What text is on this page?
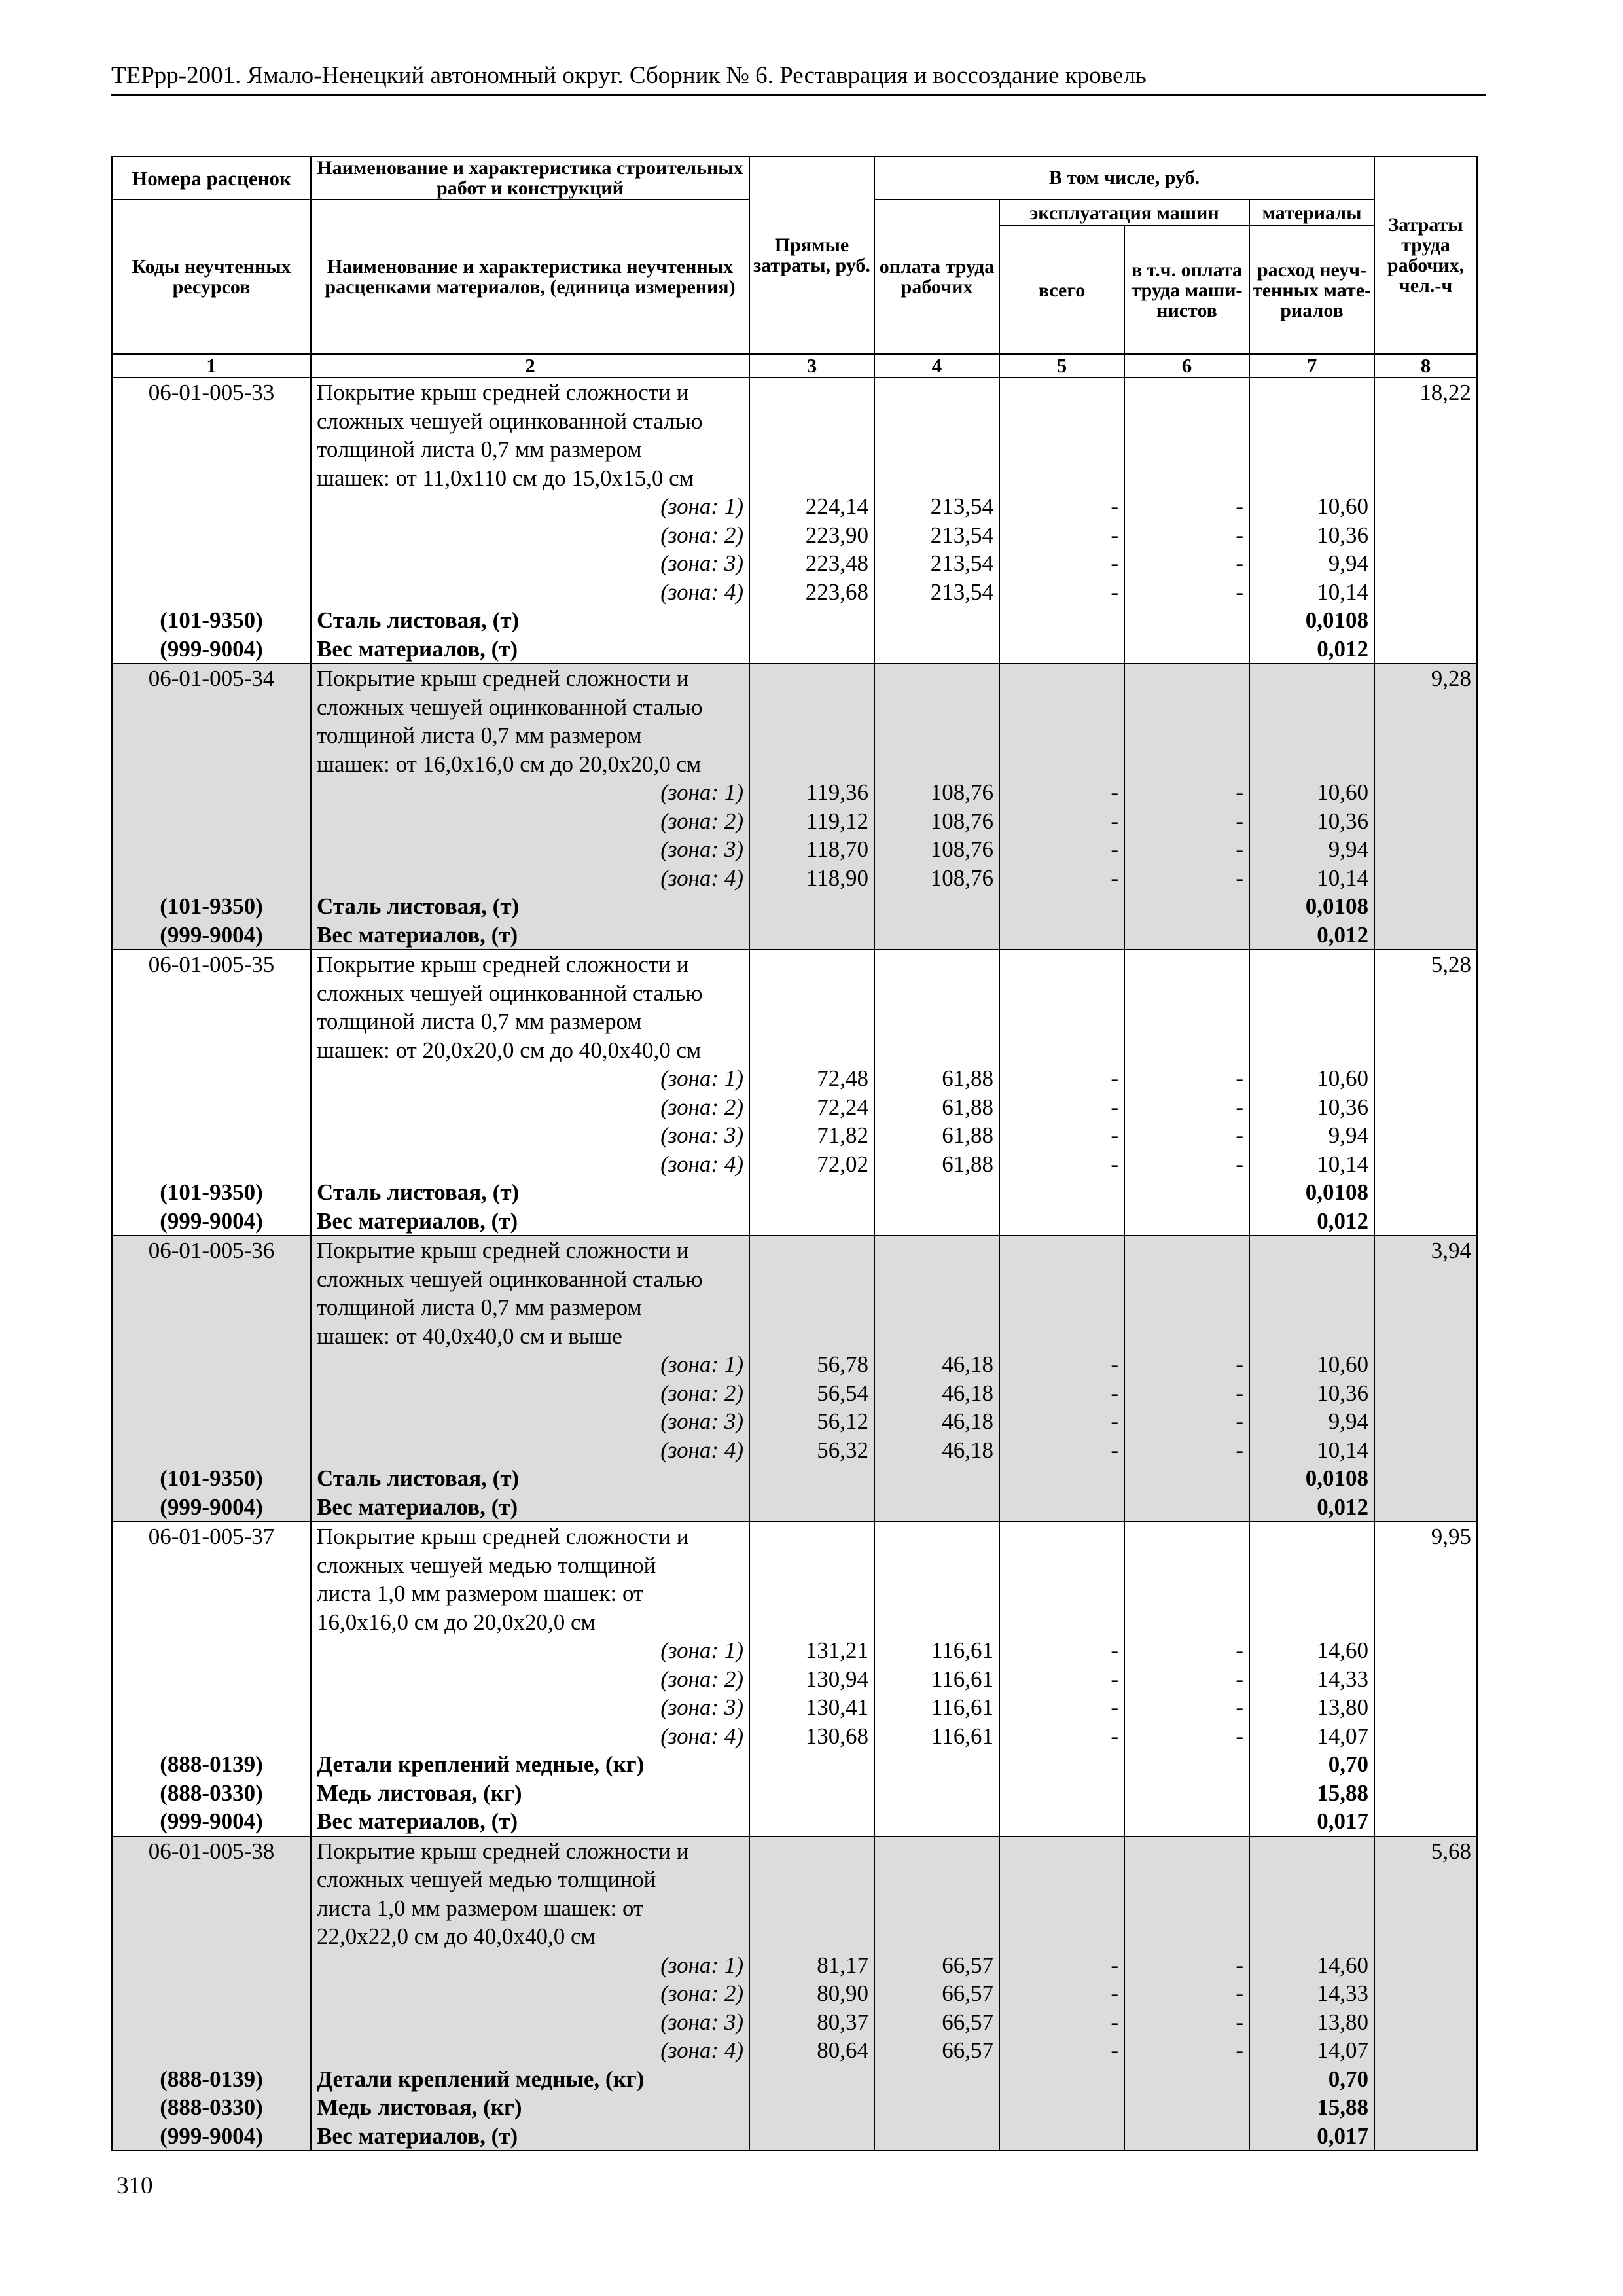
ТЕРрр-2001. Ямало-Ненецкий автономный округ. Сборник № 6. Реставрация и воссоздание кровель
Номера расценок	Наименование и характеристика строительных работ и конструкций	Прямые затраты, руб.	В том числе, руб.				Затраты труда рабочих, чел.-ч
Коды неучтенных ресурсов	Наименование и характеристика неучтенных расценками материалов, (единица измерения)		оплата труда рабочих	эксплуатация машин		материалы	
				всего	в т.ч. оплата труда маши-нистов	расход неуч-тенных мате-риалов	
1	2	3	4	5	6	7	8
06-01-005-33	Покрытие крыш средней сложности и						18,22
	сложных чешуей оцинкованной сталью						
	толщиной листа 0,7 мм размером						
	шашек: от 11,0х110 см до 15,0х15,0 см						
	(зона: 1)	224,14	213,54	-	-	10,60	
	(зона: 2)	223,90	213,54	-	-	10,36	
	(зона: 3)	223,48	213,54	-	-	9,94	
	(зона: 4)	223,68	213,54	-	-	10,14	
(101-9350)	Сталь листовая, (т)					0,0108	
(999-9004)	Вес материалов, (т)					0,012	
06-01-005-34	Покрытие крыш средней сложности и						9,28
	сложных чешуей оцинкованной сталью						
	толщиной листа 0,7 мм размером						
	шашек: от 16,0х16,0 см до 20,0х20,0 см						
	(зона: 1)	119,36	108,76	-	-	10,60	
	(зона: 2)	119,12	108,76	-	-	10,36	
	(зона: 3)	118,70	108,76	-	-	9,94	
	(зона: 4)	118,90	108,76	-	-	10,14	
(101-9350)	Сталь листовая, (т)					0,0108	
(999-9004)	Вес материалов, (т)					0,012	
06-01-005-35	Покрытие крыш средней сложности и						5,28
	сложных чешуей оцинкованной сталью						
	толщиной листа 0,7 мм размером						
	шашек: от 20,0х20,0 см до 40,0х40,0 см						
	(зона: 1)	72,48	61,88	-	-	10,60	
	(зона: 2)	72,24	61,88	-	-	10,36	
	(зона: 3)	71,82	61,88	-	-	9,94	
	(зона: 4)	72,02	61,88	-	-	10,14	
(101-9350)	Сталь листовая, (т)					0,0108	
(999-9004)	Вес материалов, (т)					0,012	
06-01-005-36	Покрытие крыш средней сложности и						3,94
	сложных чешуей оцинкованной сталью						
	толщиной листа 0,7 мм размером						
	шашек: от 40,0х40,0 см и выше						
	(зона: 1)	56,78	46,18	-	-	10,60	
	(зона: 2)	56,54	46,18	-	-	10,36	
	(зона: 3)	56,12	46,18	-	-	9,94	
	(зона: 4)	56,32	46,18	-	-	10,14	
(101-9350)	Сталь листовая, (т)					0,0108	
(999-9004)	Вес материалов, (т)					0,012	
06-01-005-37	Покрытие крыш средней сложности и						9,95
	сложных чешуей медью толщиной						
	листа 1,0 мм размером шашек: от						
	16,0х16,0 см до 20,0х20,0 см						
	(зона: 1)	131,21	116,61	-	-	14,60	
	(зона: 2)	130,94	116,61	-	-	14,33	
	(зона: 3)	130,41	116,61	-	-	13,80	
	(зона: 4)	130,68	116,61	-	-	14,07	
(888-0139)	Детали креплений медные, (кг)					0,70	
(888-0330)	Медь листовая, (кг)					15,88	
(999-9004)	Вес материалов, (т)					0,017	
06-01-005-38	Покрытие крыш средней сложности и						5,68
	сложных чешуей медью толщиной						
	листа 1,0 мм размером шашек: от						
	22,0х22,0 см до 40,0х40,0 см						
	(зона: 1)	81,17	66,57	-	-	14,60	
	(зона: 2)	80,90	66,57	-	-	14,33	
	(зона: 3)	80,37	66,57	-	-	13,80	
	(зона: 4)	80,64	66,57	-	-	14,07	
(888-0139)	Детали креплений медные, (кг)					0,70	
(888-0330)	Медь листовая, (кг)					15,88	
(999-9004)	Вес материалов, (т)					0,017	
310
